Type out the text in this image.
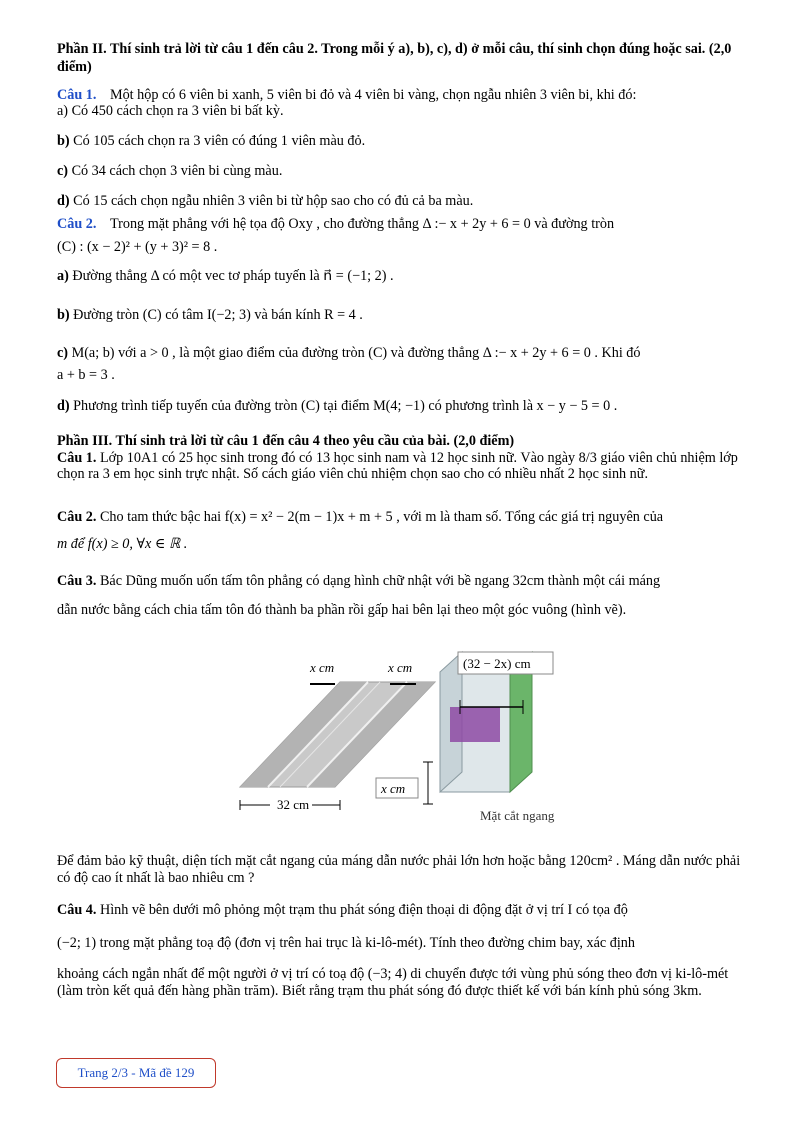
Phần II. Thí sinh trả lời từ câu 1 đến câu 2. Trong mỗi ý a), b), c), d) ở mỗi câu, thí sinh chọn đúng hoặc sai. (2,0 điểm)
Câu 1. Một hộp có 6 viên bi xanh, 5 viên bi đỏ và 4 viên bi vàng, chọn ngẫu nhiên 3 viên bi, khi đó:
a) Có 450 cách chọn ra 3 viên bi bất kỳ.
b) Có 105 cách chọn ra 3 viên có đúng 1 viên màu đỏ.
c) Có 34 cách chọn 3 viên bi cùng màu.
d) Có 15 cách chọn ngẫu nhiên 3 viên bi từ hộp sao cho có đủ cả ba màu.
Câu 2. Trong mặt phẳng với hệ tọa độ Oxy , cho đường thẳng Δ :− x + 2y + 6 = 0 và đường tròn
(C) : (x − 2)² + (y + 3)² = 8 .
a) Đường thẳng Δ có một vec tơ pháp tuyến là n⃗ = (−1; 2) .
b) Đường tròn (C) có tâm I(−2; 3) và bán kính R = 4 .
c) M(a; b) với a > 0 , là một giao điểm của đường tròn (C) và đường thẳng Δ :− x + 2y + 6 = 0 . Khi đó
a + b = 3 .
d) Phương trình tiếp tuyến của đường tròn (C) tại điểm M(4; −1) có phương trình là x − y − 5 = 0 .
Phần III. Thí sinh trả lời từ câu 1 đến câu 4 theo yêu cầu của bài. (2,0 điểm)
Câu 1. Lớp 10A1 có 25 học sinh trong đó có 13 học sinh nam và 12 học sinh nữ. Vào ngày 8/3 giáo viên chủ nhiệm lớp chọn ra 3 em học sinh trực nhật. Số cách giáo viên chủ nhiệm chọn sao cho có nhiều nhất 2 học sinh nữ.
Câu 2. Cho tam thức bậc hai f(x) = x² − 2(m − 1)x + m + 5 , với m là tham số. Tổng các giá trị nguyên của
m để f(x) ≥ 0, ∀x ∈ ℝ .
Câu 3. Bác Dũng muốn uốn tấm tôn phẳng có dạng hình chữ nhật với bề ngang 32cm thành một cái máng
dẫn nước bằng cách chia tấm tôn đó thành ba phần rồi gấp hai bên lại theo một góc vuông (hình vẽ).
Để đảm bảo kỹ thuật, diện tích mặt cắt ngang của máng dẫn nước phải lớn hơn hoặc bằng 120cm² . Máng dẫn nước phải có độ cao ít nhất là bao nhiêu cm ?
Câu 4. Hình vẽ bên dưới mô phỏng một trạm thu phát sóng điện thoại di động đặt ở vị trí I có tọa độ
(−2; 1) trong mặt phẳng toạ độ (đơn vị trên hai trục là ki-lô-mét). Tính theo đường chim bay, xác định
khoảng cách ngắn nhất để một người ở vị trí có toạ độ (−3; 4) di chuyển được tới vùng phủ sóng theo đơn vị ki-lô-mét (làm tròn kết quả đến hàng phần trăm). Biết rằng trạm thu phát sóng đó được thiết kế với bán kính phủ sóng 3km.
x cm	x cm
32 cm
(32 − 2x) cm
x cm
Mặt cắt ngang
Trang 2/3 - Mã đề 129
